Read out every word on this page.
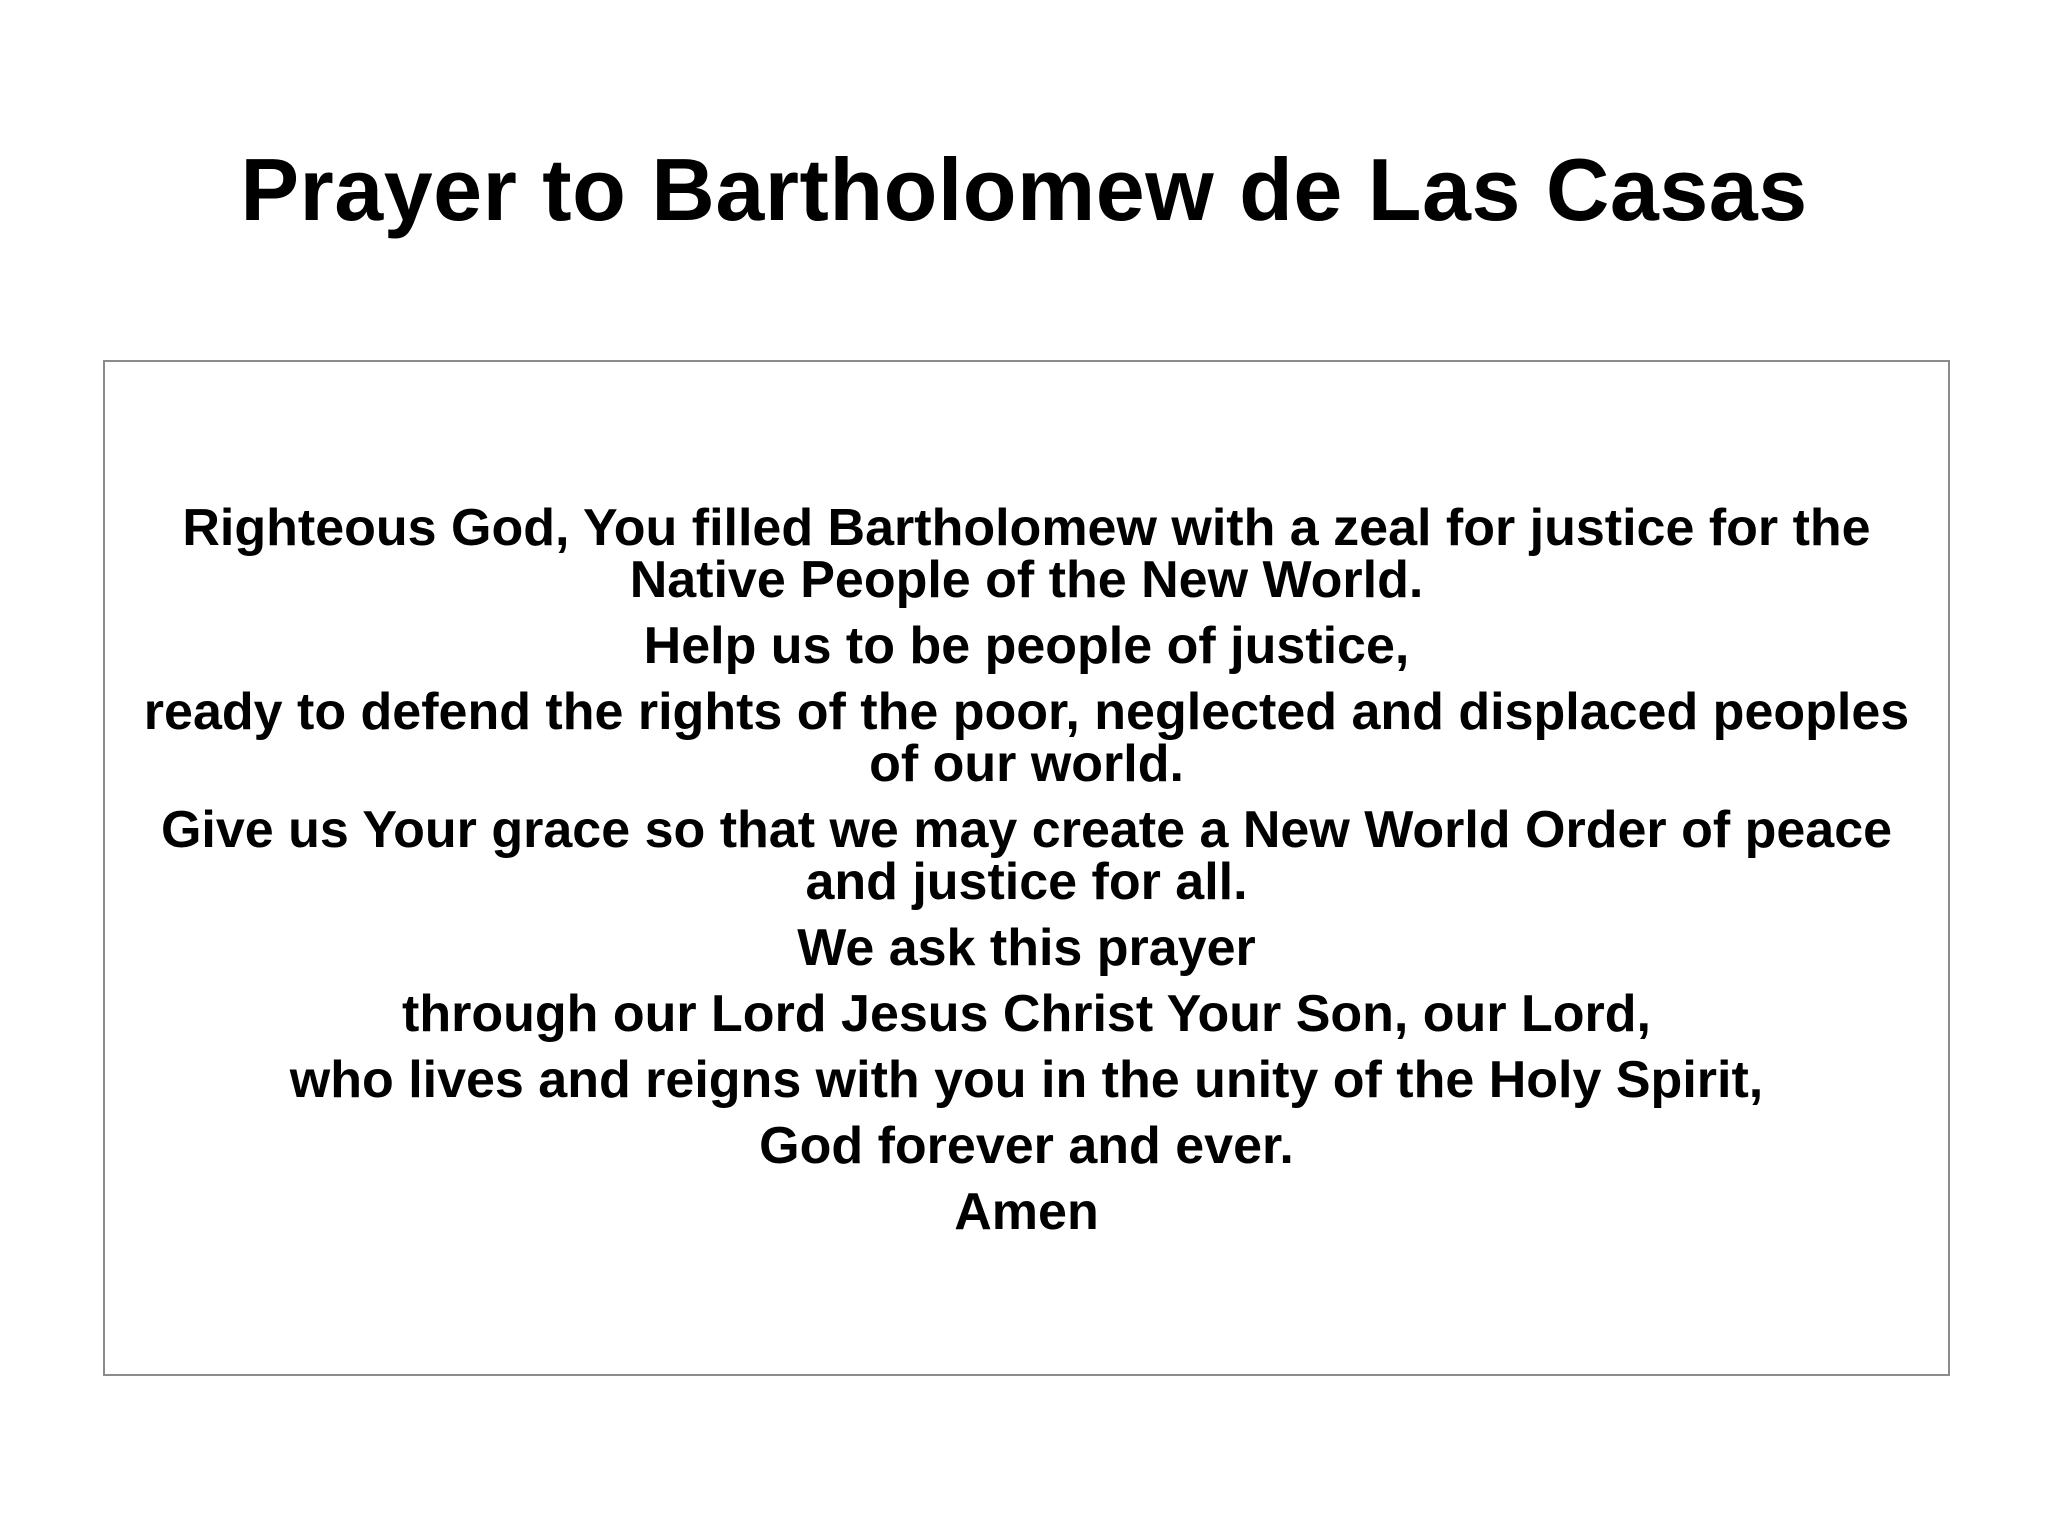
Prayer to Bartholomew de Las Casas
Righteous God, You filled Bartholomew with a zeal for justice for the Native People of the New World.
Help us to be people of justice,
ready to defend the rights of the poor, neglected and displaced peoples of our world.
Give us Your grace so that we may create a New World Order of peace and justice for all.
We ask this prayer
through our Lord Jesus Christ Your Son, our Lord,
who lives and reigns with you in the unity of the Holy Spirit,
God forever and ever.
Amen
